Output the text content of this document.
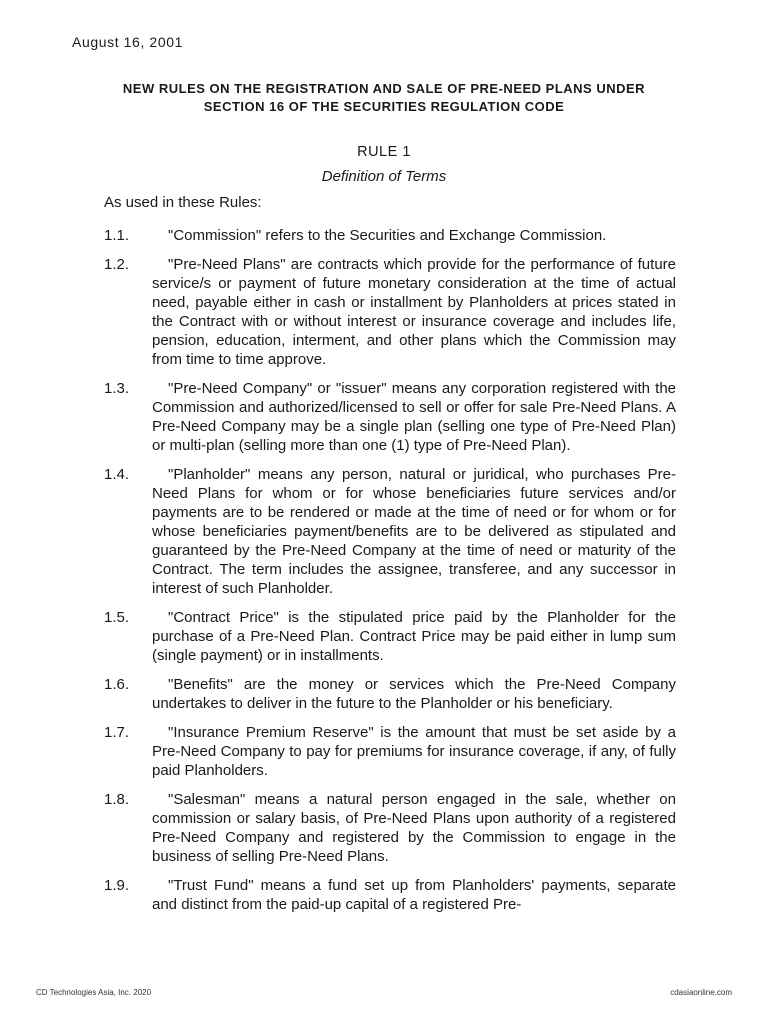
August 16, 2001
NEW RULES ON THE REGISTRATION AND SALE OF PRE-NEED PLANS UNDER
SECTION 16 OF THE SECURITIES REGULATION CODE
RULE 1
Definition of Terms
As used in these Rules:
1.1.	"Commission" refers to the Securities and Exchange Commission.
1.2.	"Pre-Need Plans" are contracts which provide for the performance of future service/s or payment of future monetary consideration at the time of actual need, payable either in cash or installment by Planholders at prices stated in the Contract with or without interest or insurance coverage and includes life, pension, education, interment, and other plans which the Commission may from time to time approve.
1.3.	"Pre-Need Company" or "issuer" means any corporation registered with the Commission and authorized/licensed to sell or offer for sale Pre-Need Plans. A Pre-Need Company may be a single plan (selling one type of Pre-Need Plan) or multi-plan (selling more than one (1) type of Pre-Need Plan).
1.4.	"Planholder" means any person, natural or juridical, who purchases Pre-Need Plans for whom or for whose beneficiaries future services and/or payments are to be rendered or made at the time of need or for whom or for whose beneficiaries payment/benefits are to be delivered as stipulated and guaranteed by the Pre-Need Company at the time of need or maturity of the Contract. The term includes the assignee, transferee, and any successor in interest of such Planholder.
1.5.	"Contract Price" is the stipulated price paid by the Planholder for the purchase of a Pre-Need Plan. Contract Price may be paid either in lump sum (single payment) or in installments.
1.6.	"Benefits" are the money or services which the Pre-Need Company undertakes to deliver in the future to the Planholder or his beneficiary.
1.7.	"Insurance Premium Reserve" is the amount that must be set aside by a Pre-Need Company to pay for premiums for insurance coverage, if any, of fully paid Planholders.
1.8.	"Salesman" means a natural person engaged in the sale, whether on commission or salary basis, of Pre-Need Plans upon authority of a registered Pre-Need Company and registered by the Commission to engage in the business of selling Pre-Need Plans.
1.9.	"Trust Fund" means a fund set up from Planholders' payments, separate and distinct from the paid-up capital of a registered Pre-
CD Technologies Asia, Inc. 2020	cdasiaonline.com
